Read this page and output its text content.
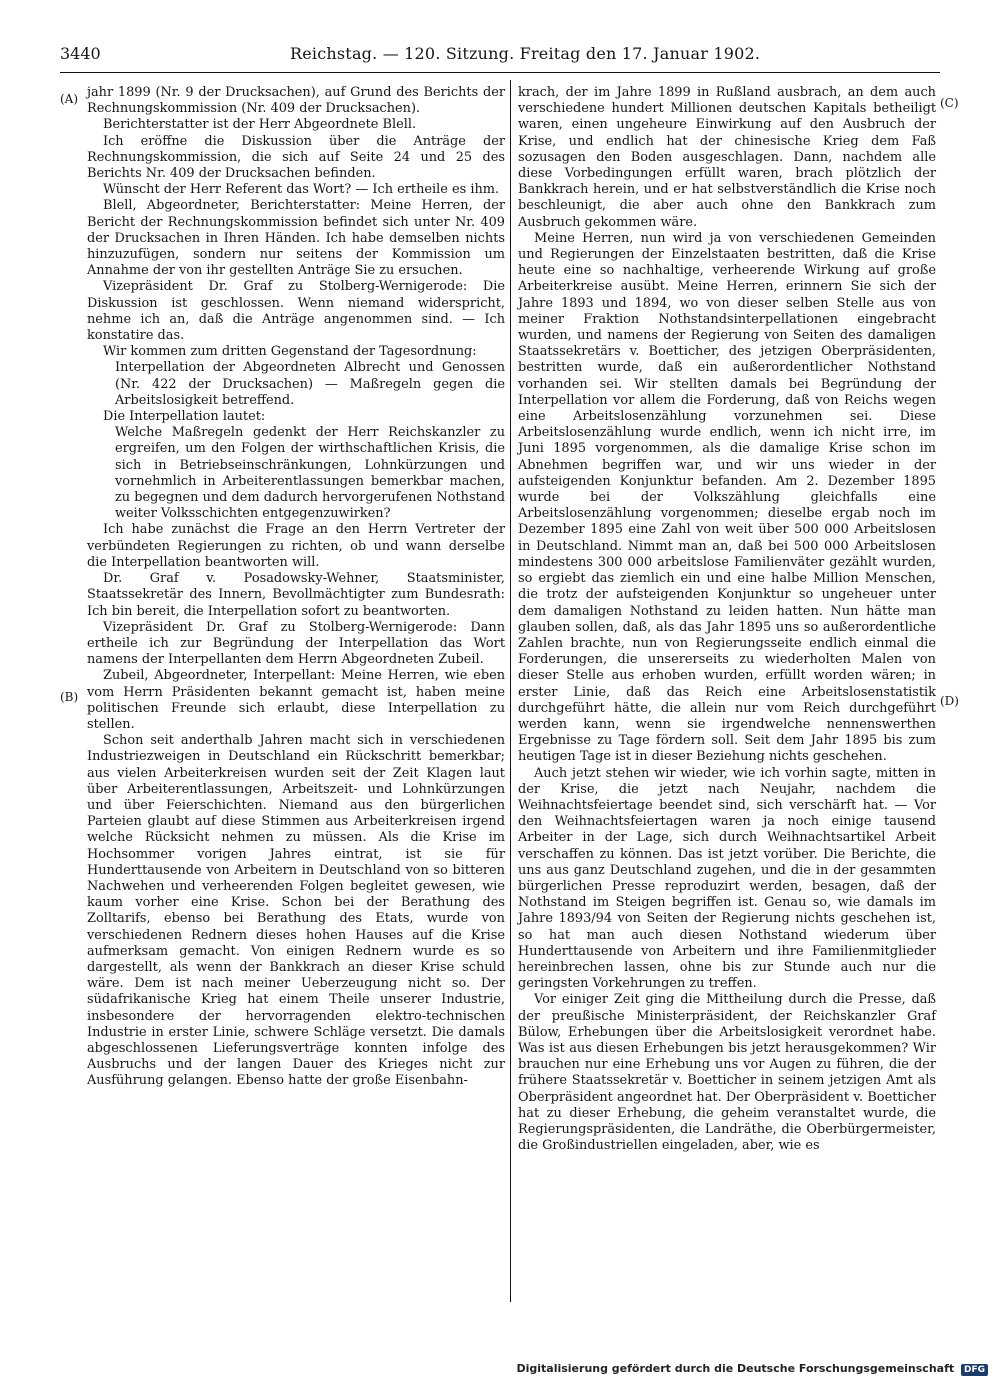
3440	Reichstag. — 120. Sitzung. Freitag den 17. Januar 1902.
(A)
(B)
(C)
(D)

jahr 1899 (Nr. 9 der Drucksachen), auf Grund des Berichts der Rechnungskommission (Nr. 409 der Drucksachen).

Berichterstatter ist der Herr Abgeordnete Blell.

Ich eröffne die Diskussion über die Anträge der Rechnungskommission, die sich auf Seite 24 und 25 des Berichts Nr. 409 der Drucksachen befinden.

Wünscht der Herr Referent das Wort? — Ich ertheile es ihm.

Blell, Abgeordneter, Berichterstatter: Meine Herren, der Bericht der Rechnungskommission befindet sich unter Nr. 409 der Drucksachen in Ihren Händen. Ich habe demselben nichts hinzuzufügen, sondern nur seitens der Kommission um Annahme der von ihr gestellten Anträge Sie zu ersuchen.

Vizepräsident Dr. Graf zu Stolberg-Wernigerode: Die Diskussion ist geschlossen. Wenn niemand widerspricht, nehme ich an, daß die Anträge angenommen sind. — Ich konstatire das.

Wir kommen zum dritten Gegenstand der Tagesordnung:

Interpellation der Abgeordneten Albrecht und Genossen (Nr. 422 der Drucksachen) — Maßregeln gegen die Arbeitslosigkeit betreffend.

Die Interpellation lautet:

Welche Maßregeln gedenkt der Herr Reichskanzler zu ergreifen, um den Folgen der wirthschaftlichen Krisis, die sich in Betriebseinschränkungen, Lohnkürzungen und vornehmlich in Arbeiterentlassungen bemerkbar machen, zu begegnen und dem dadurch hervorgerufenen Nothstand weiter Volksschichten entgegenzuwirken?

Ich habe zunächst die Frage an den Herrn Vertreter der verbündeten Regierungen zu richten, ob und wann derselbe die Interpellation beantworten will.

Dr. Graf v. Posadowsky-Wehner, Staatsminister, Staatssekretär des Innern, Bevollmächtigter zum Bundesrath: Ich bin bereit, die Interpellation sofort zu beantworten.

Vizepräsident Dr. Graf zu Stolberg-Wernigerode: Dann ertheile ich zur Begründung der Interpellation das Wort namens der Interpellanten dem Herrn Abgeordneten Zubeil.

Zubeil, Abgeordneter, Interpellant: Meine Herren, wie eben vom Herrn Präsidenten bekannt gemacht ist, haben meine politischen Freunde sich erlaubt, diese Interpellation zu stellen.

Schon seit anderthalb Jahren macht sich in verschiedenen Industriezweigen in Deutschland ein Rückschritt bemerkbar; aus vielen Arbeiterkreisen wurden seit der Zeit Klagen laut über Arbeiterentlassungen, Arbeitszeit- und Lohnkürzungen und über Feierschichten. Niemand aus den bürgerlichen Parteien glaubt auf diese Stimmen aus Arbeiterkreisen irgend welche Rücksicht nehmen zu müssen. Als die Krise im Hochsommer vorigen Jahres eintrat, ist sie für Hunderttausende von Arbeitern in Deutschland von so bitteren Nachwehen und verheerenden Folgen begleitet gewesen, wie kaum vorher eine Krise. Schon bei der Berathung des Zolltarifs, ebenso bei Berathung des Etats, wurde von verschiedenen Rednern dieses hohen Hauses auf die Krise aufmerksam gemacht. Von einigen Rednern wurde es so dargestellt, als wenn der Bankkrach an dieser Krise schuld wäre. Dem ist nach meiner Ueberzeugung nicht so. Der südafrikanische Krieg hat einem Theile unserer Industrie, insbesondere der hervorragenden elektro-technischen Industrie in erster Linie, schwere Schläge versetzt. Die damals abgeschlossenen Lieferungsverträge konnten infolge des Ausbruchs und der langen Dauer des Krieges nicht zur Ausführung gelangen. Ebenso hatte der große Eisenbahn-

krach, der im Jahre 1899 in Rußland ausbrach, an dem auch verschiedene hundert Millionen deutschen Kapitals betheiligt waren, einen ungeheure Einwirkung auf den Ausbruch der Krise, und endlich hat der chinesische Krieg dem Faß sozusagen den Boden ausgeschlagen. Dann, nachdem alle diese Vorbedingungen erfüllt waren, brach plötzlich der Bankkrach herein, und er hat selbstverständlich die Krise noch beschleunigt, die aber auch ohne den Bankkrach zum Ausbruch gekommen wäre.

Meine Herren, nun wird ja von verschiedenen Gemeinden und Regierungen der Einzelstaaten bestritten, daß die Krise heute eine so nachhaltige, verheerende Wirkung auf große Arbeiterkreise ausübt. Meine Herren, erinnern Sie sich der Jahre 1893 und 1894, wo von dieser selben Stelle aus von meiner Fraktion Nothstandsinterpellationen eingebracht wurden, und namens der Regierung von Seiten des damaligen Staatssekretärs v. Boetticher, des jetzigen Oberpräsidenten, bestritten wurde, daß ein außerordentlicher Nothstand vorhanden sei. Wir stellten damals bei Begründung der Interpellation vor allem die Forderung, daß von Reichs wegen eine Arbeitslosenzählung vorzunehmen sei. Diese Arbeitslosenzählung wurde endlich, wenn ich nicht irre, im Juni 1895 vorgenommen, als die damalige Krise schon im Abnehmen begriffen war, und wir uns wieder in der aufsteigenden Konjunktur befanden. Am 2. Dezember 1895 wurde bei der Volkszählung gleichfalls eine Arbeitslosenzählung vorgenommen; dieselbe ergab noch im Dezember 1895 eine Zahl von weit über 500 000 Arbeitslosen in Deutschland. Nimmt man an, daß bei 500 000 Arbeitslosen mindestens 300 000 arbeitslose Familienväter gezählt wurden, so ergiebt das ziemlich ein und eine halbe Million Menschen, die trotz der aufsteigenden Konjunktur so ungeheuer unter dem damaligen Nothstand zu leiden hatten. Nun hätte man glauben sollen, daß, als das Jahr 1895 uns so außerordentliche Zahlen brachte, nun von Regierungsseite endlich einmal die Forderungen, die unsererseits zu wiederholten Malen von dieser Stelle aus erhoben wurden, erfüllt worden wären; in erster Linie, daß das Reich eine Arbeitslosenstatistik durchgeführt hätte, die allein nur vom Reich durchgeführt werden kann, wenn sie irgendwelche nennenswerthen Ergebnisse zu Tage fördern soll. Seit dem Jahr 1895 bis zum heutigen Tage ist in dieser Beziehung nichts geschehen.

Auch jetzt stehen wir wieder, wie ich vorhin sagte, mitten in der Krise, die jetzt nach Neujahr, nachdem die Weihnachtsfeiertage beendet sind, sich verschärft hat. — Vor den Weihnachtsfeiertagen waren ja noch einige tausend Arbeiter in der Lage, sich durch Weihnachtsartikel Arbeit verschaffen zu können. Das ist jetzt vorüber. Die Berichte, die uns aus ganz Deutschland zugehen, und die in der gesammten bürgerlichen Presse reproduzirt werden, besagen, daß der Nothstand im Steigen begriffen ist. Genau so, wie damals im Jahre 1893/94 von Seiten der Regierung nichts geschehen ist, so hat man auch diesen Nothstand wiederum über Hunderttausende von Arbeitern und ihre Familienmitglieder hereinbrechen lassen, ohne bis zur Stunde auch nur die geringsten Vorkehrungen zu treffen.

Vor einiger Zeit ging die Mittheilung durch die Presse, daß der preußische Ministerpräsident, der Reichskanzler Graf Bülow, Erhebungen über die Arbeitslosigkeit verordnet habe. Was ist aus diesen Erhebungen bis jetzt herausgekommen? Wir brauchen nur eine Erhebung uns vor Augen zu führen, die der frühere Staatssekretär v. Boetticher in seinem jetzigen Amt als Oberpräsident angeordnet hat. Der Oberpräsident v. Boetticher hat zu dieser Erhebung, die geheim veranstaltet wurde, die Regierungspräsidenten, die Landräthe, die Oberbürgermeister, die Großindustriellen eingeladen, aber, wie es

Digitalisierung gefördert durch die Deutsche Forschungsgemeinschaft DFG
